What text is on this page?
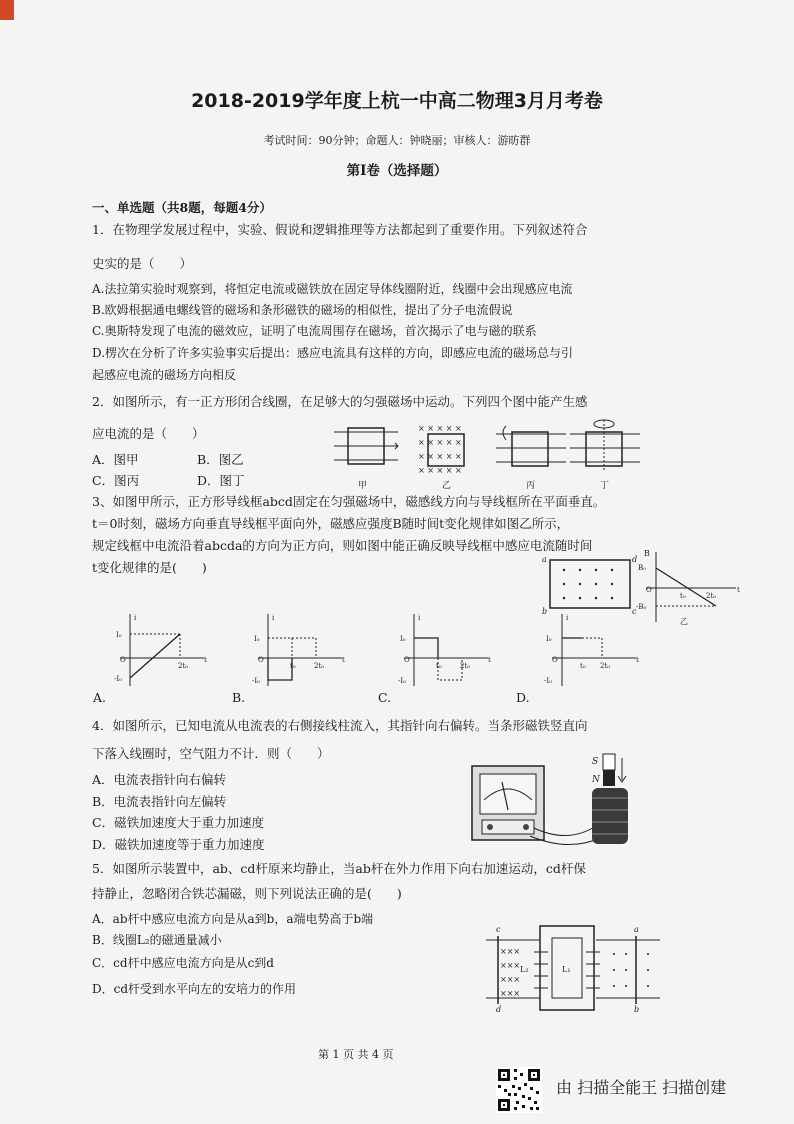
2018-2019学年度上杭一中高二物理3月月考卷
考试时间：90分钟；命题人：钟晓丽；审核人：游昉群
第Ⅰ卷（选择题）
一、单选题（共8题，每题4分）
1．在物理学发展过程中，实验、假说和逻辑推理等方法都起到了重要作用。下列叙述符合
史实的是（　　）
A.法拉第实验时观察到，将恒定电流或磁铁放在固定导体线圈附近，线圈中会出现感应电流
B.欧姆根据通电螺线管的磁场和条形磁铁的磁场的相似性，提出了分子电流假说
C.奥斯特发现了电流的磁效应，证明了电流周围存在磁场，首次揭示了电与磁的联系
D.楞次在分析了许多实验事实后提出：感应电流具有这样的方向，即感应电流的磁场总与引
起感应电流的磁场方向相反
2．如图所示，有一正方形闭合线圈，在足够大的匀强磁场中运动。下列四个图中能产生感
应电流的是（　　）
A．图甲	B．图乙
C．图丙	D．图丁
× × × × ×
× × × × ×
× × × × ×
× × × × ×
甲	乙	丙	丁
3、如图甲所示，正方形导线框abcd固定在匀强磁场中，磁感线方向与导线框所在平面垂直。
t＝0时刻，磁场方向垂直导线框平面向外，磁感应强度B随时间t变化规律如图乙所示，
规定线框中电流沿着abcda的方向为正方向，则如图中能正确反映导线框中感应电流随时间
t变化规律的是(　　)
a
b	c
d
B
B₀
O
-B₀
t₀	2t₀
t
乙
i
I₀
O
-I₀
2t₀
t
i
I₀
O
-I₀
t₀	2t₀
t
i
I₀
O
-I₀
t₀	2t₀
t
i
I₀
O
-I₀
t₀ 2t₀
t
A.	B.	C.	D.
4．如图所示，已知电流从电流表的右侧接线柱流入，其指针向右偏转。当条形磁铁竖直向
下落入线圈时，空气阻力不计．则（　　）
A．电流表指针向右偏转
B．电流表指针向左偏转
C．磁铁加速度大于重力加速度
D．磁铁加速度等于重力加速度
S
N
5．如图所示装置中，ab、cd杆原来均静止，当ab杆在外力作用下向右加速运动，cd杆保
持静止，忽略闭合铁芯漏磁，则下列说法正确的是(　　)
A．ab杆中感应电流方向是从a到b，a端电势高于b端
B．线圈L₂的磁通量减小
C．cd杆中感应电流方向是从c到d
D．cd杆受到水平向左的安培力的作用
×××
×××
×××
×××
c
d
a
b
L₂	L₁
第 1 页 共 4 页
由 扫描全能王 扫描创建
